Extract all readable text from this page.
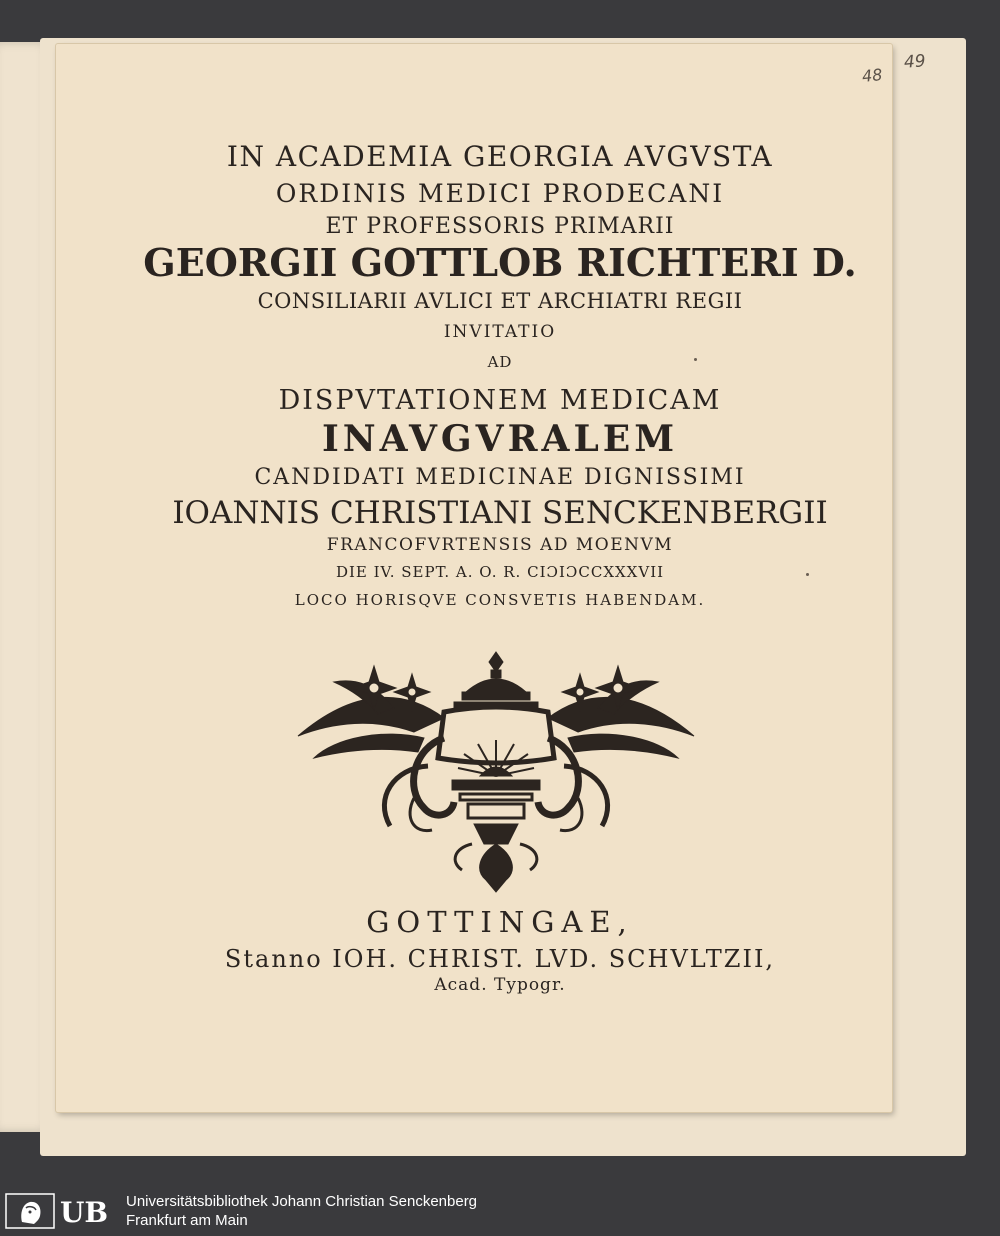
48
49
IN ACADEMIA GEORGIA AVGVSTA
ORDINIS MEDICI PRODECANI
ET PROFESSORIS PRIMARII
GEORGII GOTTLOB RICHTERI D.
CONSILIARII AVLICI ET ARCHIATRI REGII
INVITATIO
AD
DISPVTATIONEM MEDICAM
INAVGVRALEM
CANDIDATI MEDICINAE DIGNISSIMI
IOANNIS CHRISTIANI SENCKENBERGII
FRANCOFVRTENSIS AD MOENVM
DIE IV. SEPT. A. O. R. CIƆIƆCCXXXVII
LOCO HORISQVE CONSVETIS HABENDAM.
GOTTINGAE,
Stanno IOH. CHRIST. LVD. SCHVLTZII,
Acad. Typogr.
UB Universitätsbibliothek Johann Christian Senckenberg
Frankfurt am Main
